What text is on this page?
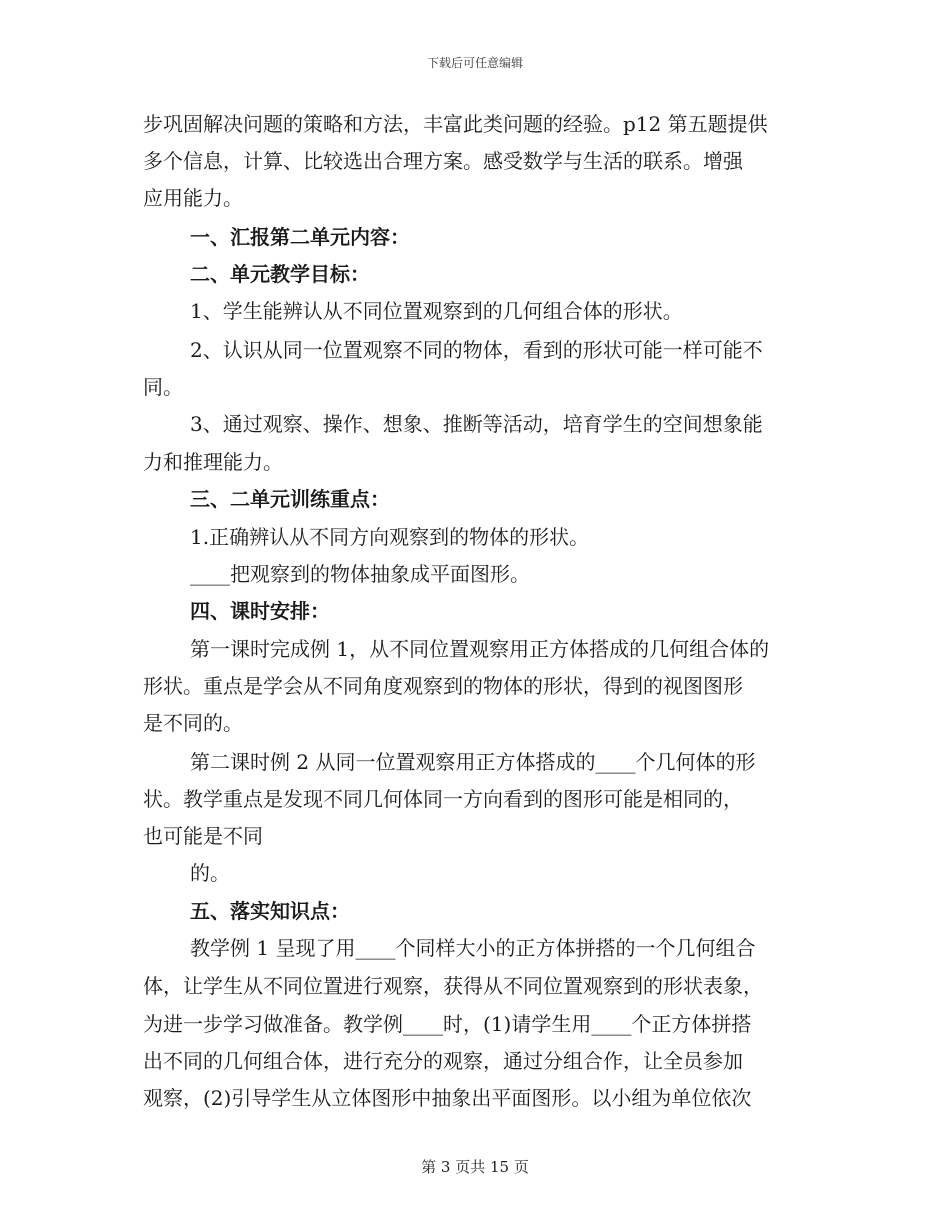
下载后可任意编辑
步巩固解决问题的策略和方法，丰富此类问题的经验。p12 第五题提供
多个信息，计算、比较选出合理方案。感受数学与生活的联系。增强
应用能力。
一、汇报第二单元内容：
二、单元教学目标：
1、学生能辨认从不同位置观察到的几何组合体的形状。
2、认识从同一位置观察不同的物体，看到的形状可能一样可能不
同。
3、通过观察、操作、想象、推断等活动，培育学生的空间想象能
力和推理能力。
三、二单元训练重点：
1.正确辨认从不同方向观察到的物体的形状。
____把观察到的物体抽象成平面图形。
四、课时安排：
第一课时完成例 1，从不同位置观察用正方体搭成的几何组合体的
形状。重点是学会从不同角度观察到的物体的形状，得到的视图图形
是不同的。
第二课时例 2 从同一位置观察用正方体搭成的____个几何体的形
状。教学重点是发现不同几何体同一方向看到的图形可能是相同的，
也可能是不同
的。
五、落实知识点：
教学例 1 呈现了用____个同样大小的正方体拼搭的一个几何组合
体，让学生从不同位置进行观察，获得从不同位置观察到的形状表象，
为进一步学习做准备。教学例____时，(1)请学生用____个正方体拼搭
出不同的几何组合体，进行充分的观察，通过分组合作，让全员参加
观察，(2)引导学生从立体图形中抽象出平面图形。以小组为单位依次
第 3 页共 15 页
